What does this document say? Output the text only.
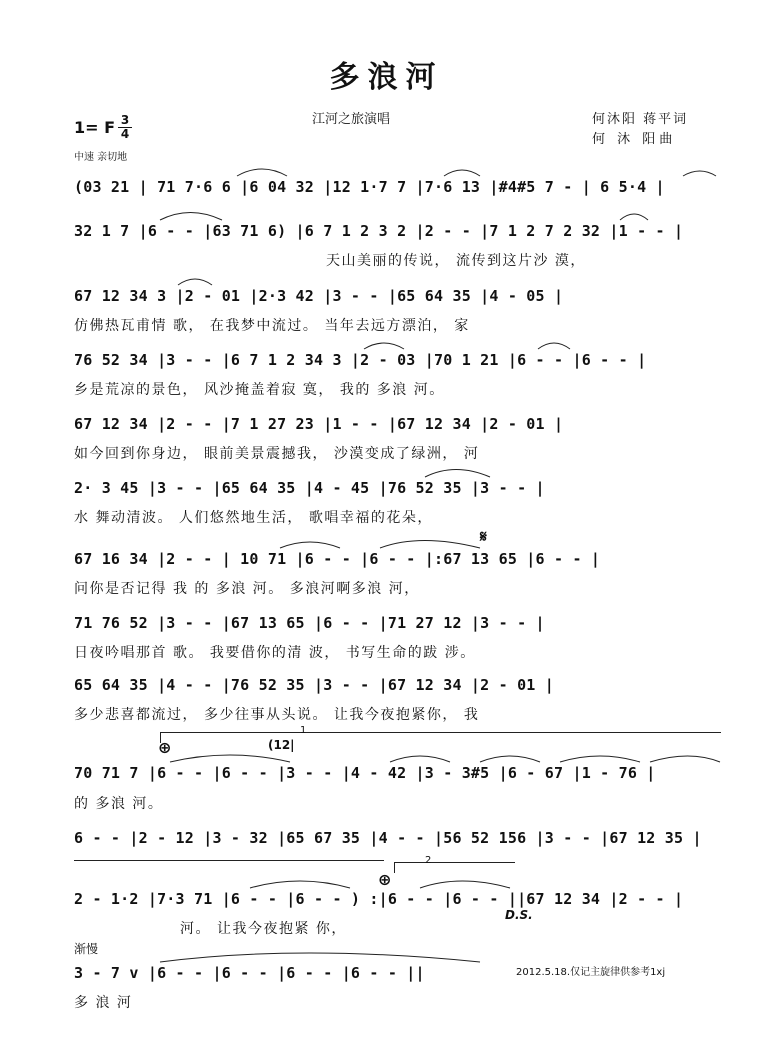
多浪河
1= F 3
4
中速 亲切地
江河之旅演唱	何沐阳 蒋平词
何 沐 阳曲
(03 21 | 71 7·6 6 |6 04 32 |12 1·7 7 |7·6 13 |#4#5 7 - | 6 5·4 |
32 1 7 |6 - - |63 71 6) |6 7 1 2 3 2 |2 - - |7 1 2 7 2 32 |1 - - |
天山美丽的传说， 流传到这片沙 漠，
67 12 34 3 |2 - 01 |2·3 42 |3 - - |65 64 35 |4 - 05 |
仿佛热瓦甫情 歌， 在我梦中流过。 当年去远方漂泊， 家
76 52 34 |3 - - |6 7 1 2 34 3 |2 - 03 |70 1 21 |6 - - |6 - - |
乡是荒凉的景色， 风沙掩盖着寂 寞， 我的 多浪 河。
67 12 34 |2 - - |7 1 27 23 |1 - - |67 12 34 |2 - 01 |
如今回到你身边， 眼前美景震撼我， 沙漠变成了绿洲， 河
2· 3 45 |3 - - |65 64 35 |4 - 45 |76 52 35 |3 - - |
水 舞动清波。 人们悠然地生活， 歌唱幸福的花朵，
𝄋
67 16 34 |2 - - | 10 71 |6 - - |6 - - |:67 13 65 |6 - - |
问你是否记得 我 的 多浪 河。 多浪河啊多浪 河，
71 76 52 |3 - - |67 13 65 |6 - - |71 27 12 |3 - - |
日夜吟唱那首 歌。 我要借你的清 波， 书写生命的跋 涉。
65 64 35 |4 - - |76 52 35 |3 - - |67 12 34 |2 - 01 |
多少悲喜都流过， 多少往事从头说。 让我今夜抱紧你， 我
1
(12|
⊕
70 71 7 |6 - - |6 - - |3 - - |4 - 42 |3 - 3#5 |6 - 67 |1 - 76 |
的 多浪 河。
6 - - |2 - 12 |3 - 32 |65 67 35 |4 - - |56 52 156 |3 - - |67 12 35 |
2
2 - 1·2 |7·3 71 |6 - - |6 - - ) :|6 - - |6 - - ||67 12 34 |2 - - |
⊕
D.S.
河。 让我今夜抱紧 你，
渐慢
3 - 7 v |6 - - |6 - - |6 - - |6 - - ||
多 浪 河
2012.5.18.仅记主旋律供参考1xj
